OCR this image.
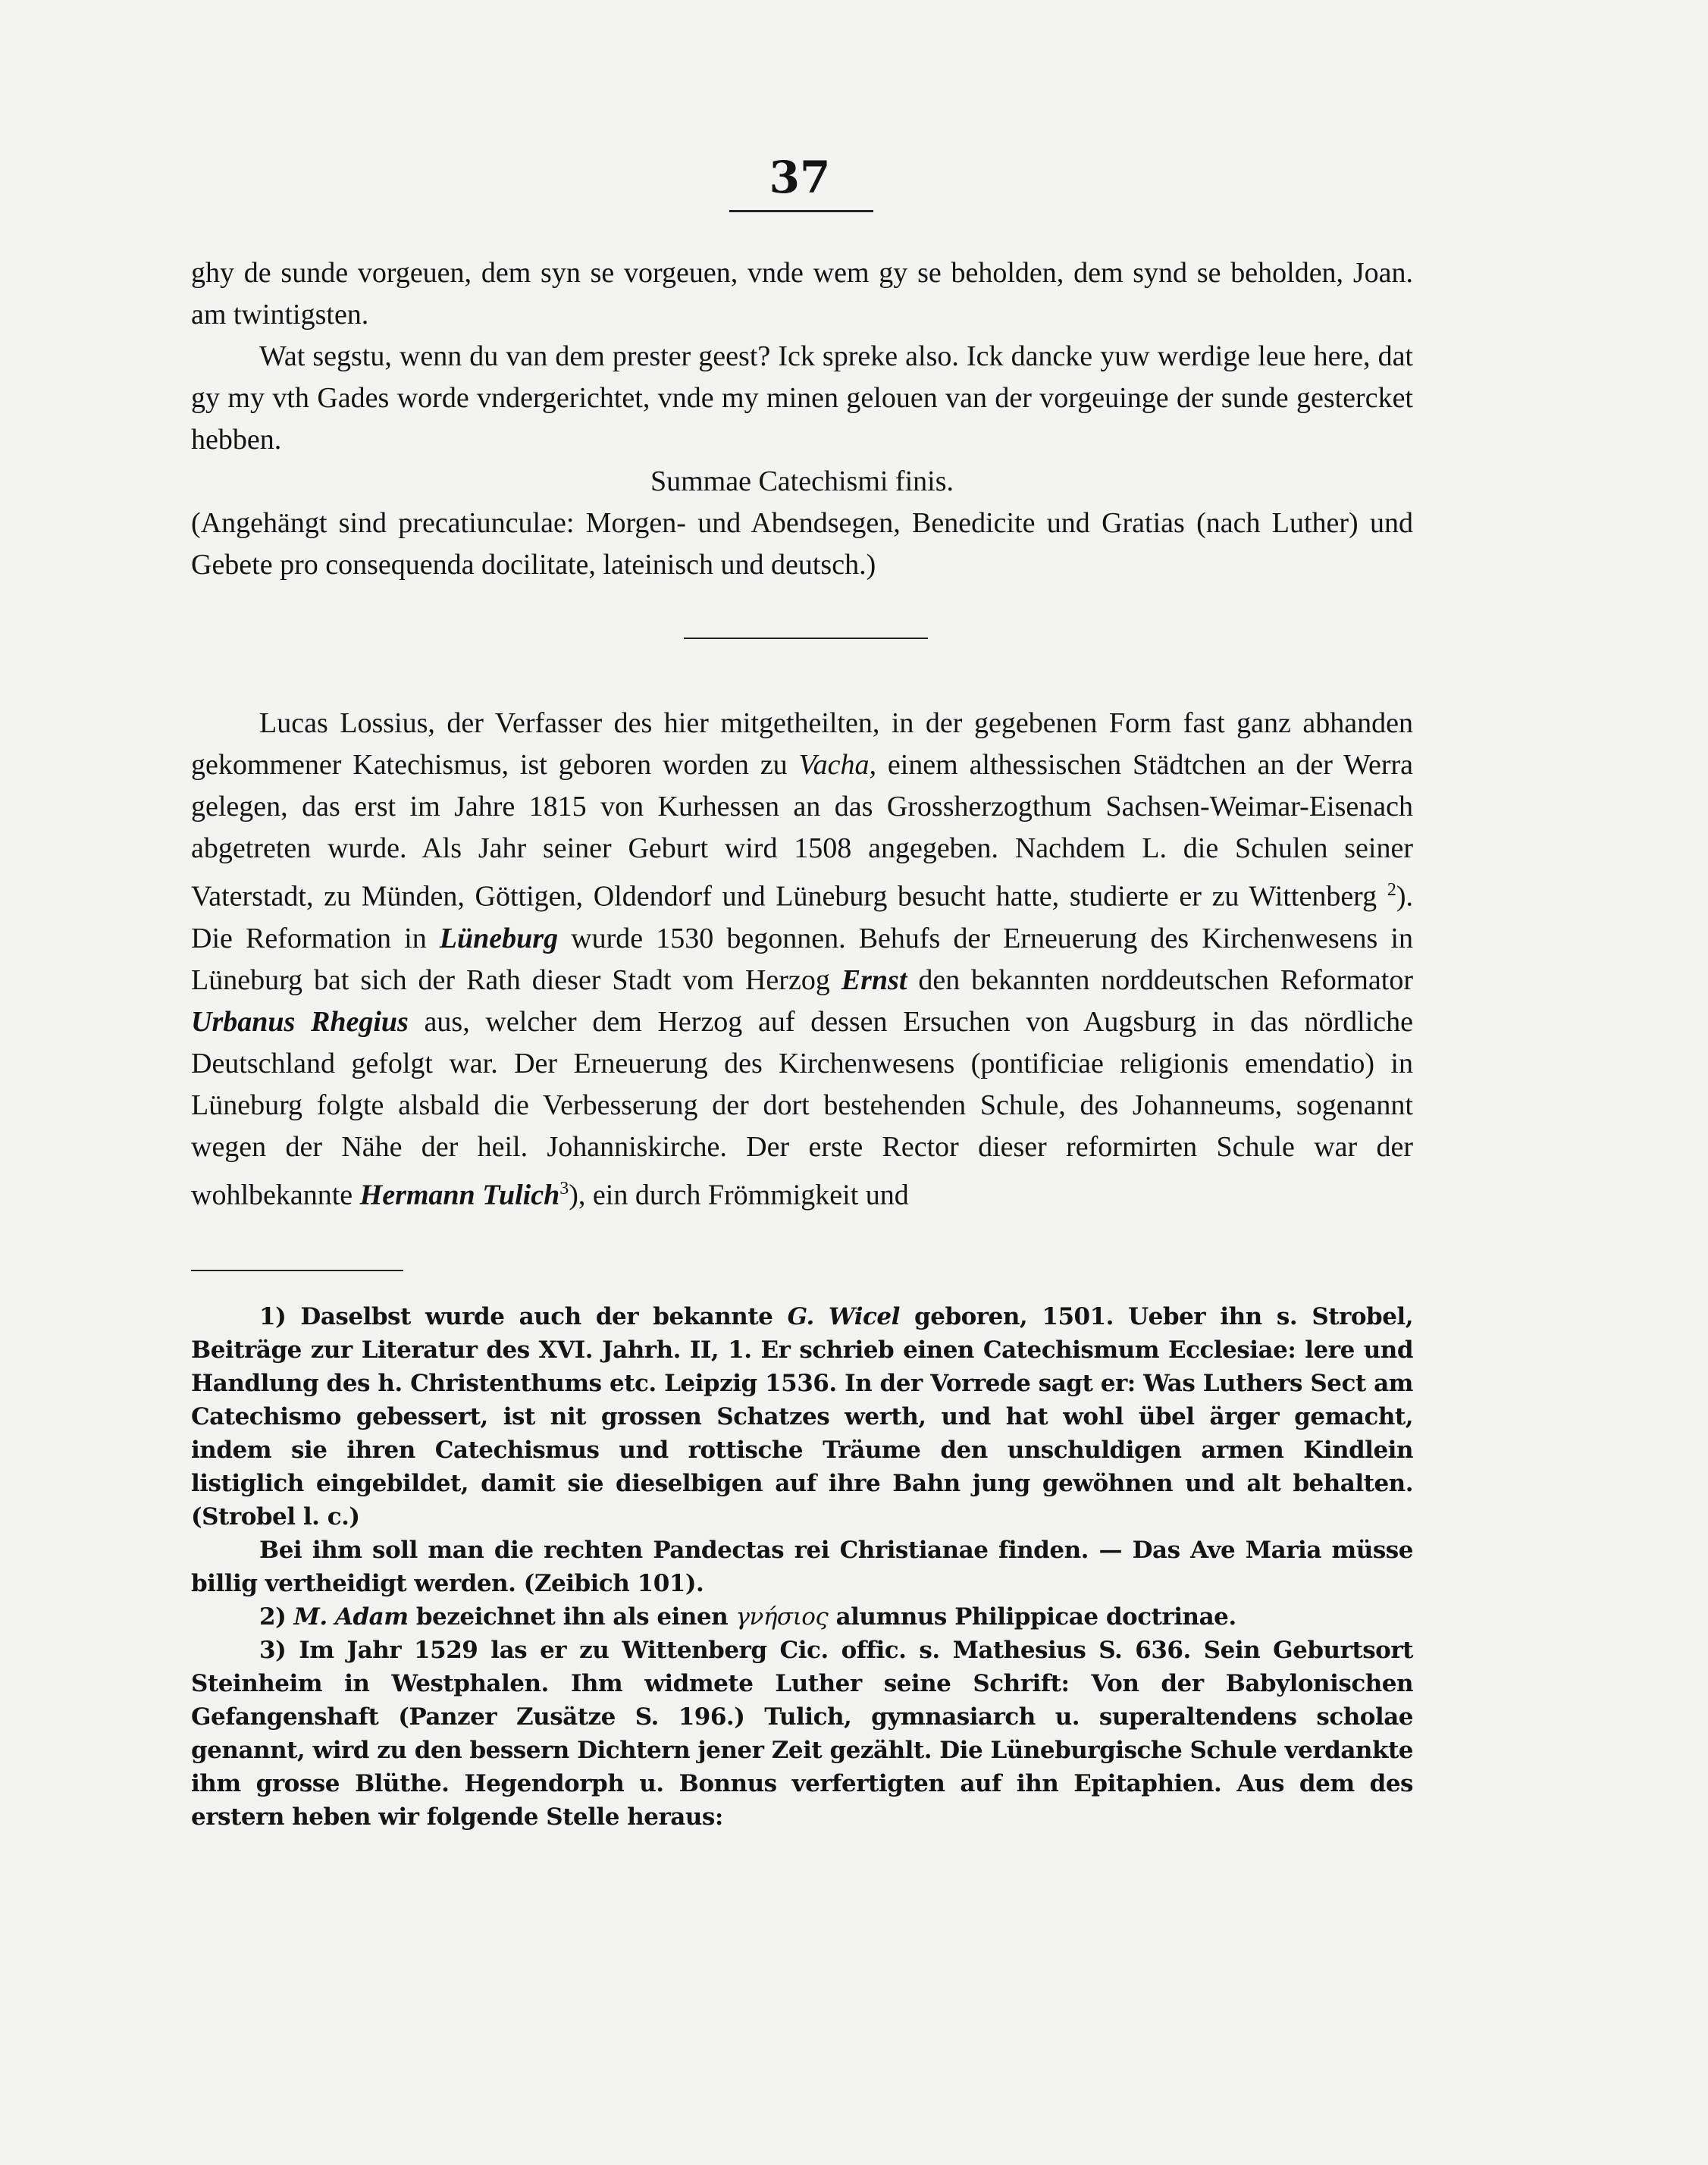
37

ghy de sunde vorgeuen, dem syn se vorgeuen, vnde wem gy se beholden, dem synd se beholden, Joan. am twintigsten.

Wat segstu, wenn du van dem prester geest? Ick spreke also. Ick dancke yuw werdige leue here, dat gy my vth Gades worde vndergerichtet, vnde my minen gelouen van der vorgeuinge der sunde gestercket hebben.

Summae Catechismi finis.

(Angehängt sind precatiunculae: Morgen- und Abendsegen, Benedicite und Gratias (nach Luther) und Gebete pro consequenda docilitate, lateinisch und deutsch.)

Lucas Lossius, der Verfasser des hier mitgetheilten, in der gegebenen Form fast ganz abhanden gekommener Katechismus, ist geboren worden zu Vacha, einem althessischen Städtchen an der Werra gelegen, das erst im Jahre 1815 von Kurhessen an das Grossherzogthum Sachsen-Weimar-Eisenach abgetreten wurde. Als Jahr seiner Geburt wird 1508 angegeben. Nachdem L. die Schulen seiner Vaterstadt, zu Münden, Göttigen, Oldendorf und Lüneburg besucht hatte, studierte er zu Wittenberg $^2$). Die Reformation in Lüneburg wurde 1530 begonnen. Behufs der Erneuerung des Kirchenwesens in Lüneburg bat sich der Rath dieser Stadt vom Herzog Ernst den bekannten norddeutschen Reformator Urbanus Rhegius aus, welcher dem Herzog auf dessen Ersuchen von Augsburg in das nördliche Deutschland gefolgt war. Der Erneuerung des Kirchenwesens (pontificiae religionis emendatio) in Lüneburg folgte alsbald die Verbesserung der dort bestehenden Schule, des Johanneums, sogenannt wegen der Nähe der heil. Johanniskirche. Der erste Rector dieser reformirten Schule war der wohlbekannte Hermann Tulich$^3$), ein durch Frömmigkeit und

1) Daselbst wurde auch der bekannte G. Wicel geboren, 1501. Ueber ihn s. Strobel, Beiträge zur Literatur des XVI. Jahrh. II, 1. Er schrieb einen Catechismum Ecclesiae: lere und Handlung des h. Christenthums etc. Leipzig 1536. In der Vorrede sagt er: Was Luthers Sect am Catechismo gebessert, ist nit grossen Schatzes werth, und hat wohl übel ärger gemacht, indem sie ihren Catechismus und rottische Träume den unschuldigen armen Kindlein listiglich eingebildet, damit sie dieselbigen auf ihre Bahn jung gewöhnen und alt behalten. (Strobel l. c.)

Bei ihm soll man die rechten Pandectas rei Christianae finden. — Das Ave Maria müsse billig vertheidigt werden. (Zeibich 101).

2) M. Adam bezeichnet ihn als einen γνήσιος alumnus Philippicae doctrinae.

3) Im Jahr 1529 las er zu Wittenberg Cic. offic. s. Mathesius S. 636. Sein Geburtsort Steinheim in Westphalen. Ihm widmete Luther seine Schrift: Von der Babylonischen Gefangenshaft (Panzer Zusätze S. 196.) Tulich, gymnasiarch u. superaltendens scholae genannt, wird zu den bessern Dichtern jener Zeit gezählt. Die Lüneburgische Schule verdankte ihm grosse Blüthe. Hegendorph u. Bonnus verfertigten auf ihn Epitaphien. Aus dem des erstern heben wir folgende Stelle heraus:
